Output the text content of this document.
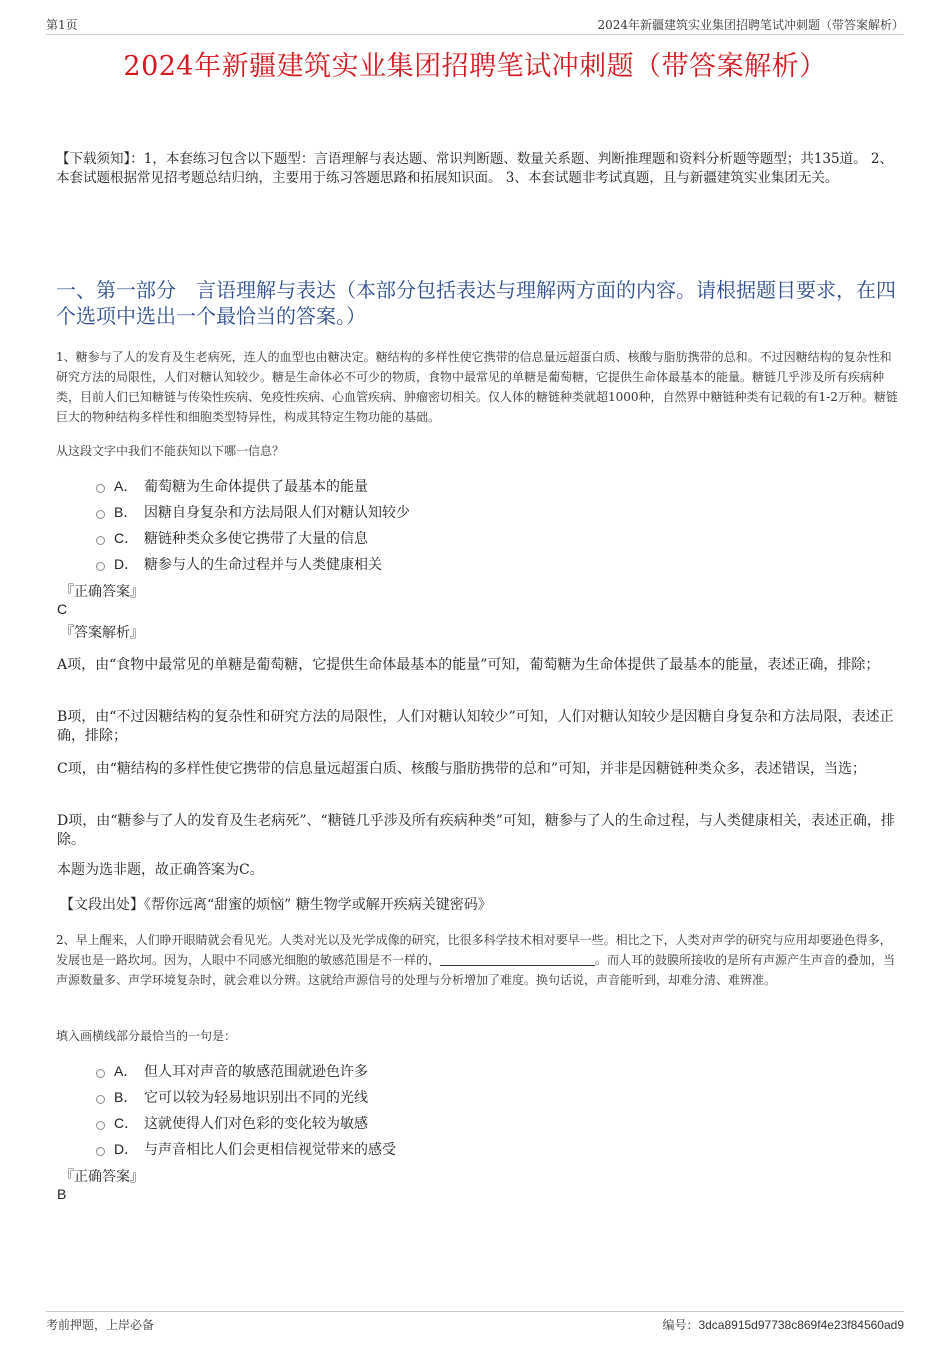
第1页	2024年新疆建筑实业集团招聘笔试冲刺题（带答案解析）
2024年新疆建筑实业集团招聘笔试冲刺题（带答案解析）
【下载须知】：1，本套练习包含以下题型：言语理解与表达题、常识判断题、数量关系题、判断推理题和资料分析题等题型；共135道。 2、本套试题根据常见招考题总结归纳，主要用于练习答题思路和拓展知识面。 3、本套试题非考试真题，且与新疆建筑实业集团无关。
一、第一部分　言语理解与表达（本部分包括表达与理解两方面的内容。请根据题目要求，在四个选项中选出一个最恰当的答案。）
1、糖参与了人的发育及生老病死，连人的血型也由糖决定。糖结构的多样性使它携带的信息量远超蛋白质、核酸与脂肪携带的总和。不过因糖结构的复杂性和研究方法的局限性，人们对糖认知较少。糖是生命体必不可少的物质，食物中最常见的单糖是葡萄糖，它提供生命体最基本的能量。糖链几乎涉及所有疾病种类，目前人们已知糖链与传染性疾病、免疫性疾病、心血管疾病、肿瘤密切相关。仅人体的糖链种类就超1000种，自然界中糖链种类有记载的有1-2万种。糖链巨大的物种结构多样性和细胞类型特异性，构成其特定生物功能的基础。
从这段文字中我们不能获知以下哪一信息？
A． 葡萄糖为生命体提供了最基本的能量
B． 因糖自身复杂和方法局限人们对糖认知较少
C． 糖链种类众多使它携带了大量的信息
D． 糖参与人的生命过程并与人类健康相关
『正确答案』
C
『答案解析』
A项，由“食物中最常见的单糖是葡萄糖，它提供生命体最基本的能量”可知，葡萄糖为生命体提供了最基本的能量，表述正确，排除；
B项，由“不过因糖结构的复杂性和研究方法的局限性，人们对糖认知较少”可知，人们对糖认知较少是因糖自身复杂和方法局限，表述正确，排除；
C项，由“糖结构的多样性使它携带的信息量远超蛋白质、核酸与脂肪携带的总和”可知，并非是因糖链种类众多，表述错误，当选；
D项，由“糖参与了人的发育及生老病死”、“糖链几乎涉及所有疾病种类”可知，糖参与了人的生命过程，与人类健康相关，表述正确，排除。
本题为选非题，故正确答案为C。
【文段出处】《帮你远离“甜蜜的烦恼” 糖生物学或解开疾病关键密码》
2、早上醒来，人们睁开眼睛就会看见光。人类对光以及光学成像的研究，比很多科学技术相对要早一些。相比之下，人类对声学的研究与应用却要逊色得多，发展也是一路坎坷。因为，人眼中不同感光细胞的敏感范围是不一样的，	。而人耳的鼓膜所接收的是所有声源产生声音的叠加，当声源数量多、声学环境复杂时，就会难以分辨。这就给声源信号的处理与分析增加了难度。换句话说，声音能听到，却难分清、难辨准。
填入画横线部分最恰当的一句是：
A． 但人耳对声音的敏感范围就逊色许多
B． 它可以较为轻易地识别出不同的光线
C． 这就使得人们对色彩的变化较为敏感
D． 与声音相比人们会更相信视觉带来的感受
『正确答案』
B
考前押题，上岸必备	编号：3dca8915d97738c869f4e23f84560ad9
